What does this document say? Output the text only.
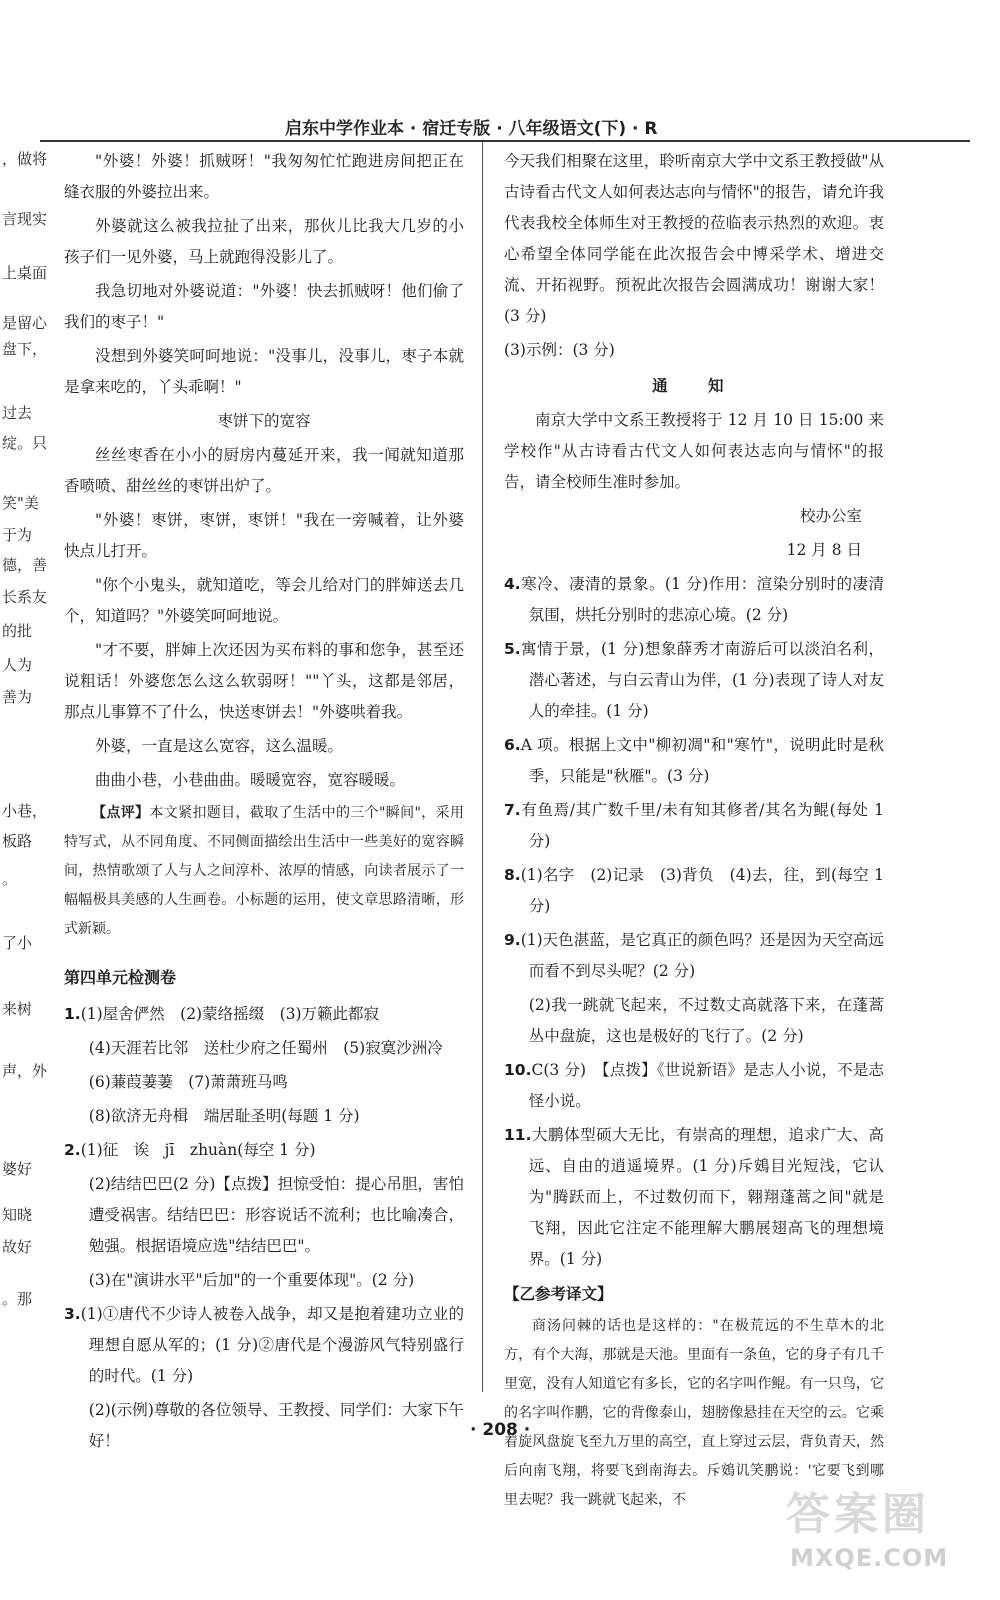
启东中学作业本 · 宿迁专版 · 八年级语文(下) · R
，做将
言现实
上桌面
是留心
盘下，
过去
绽。只
笑"美
于为
德，善
长系友
的批
人为
善为
小巷，
板路
。
了小
来树
声，外
婆好
知晓
故好
。那

"外婆！外婆！抓贼呀！"我匆匆忙忙跑进房间把正在缝衣服的外婆拉出来。

外婆就这么被我拉扯了出来，那伙儿比我大几岁的小孩子们一见外婆，马上就跑得没影儿了。

我急切地对外婆说道："外婆！快去抓贼呀！他们偷了我们的枣子！"

没想到外婆笑呵呵地说："没事儿，没事儿，枣子本就是拿来吃的，丫头乖啊！"

枣饼下的宽容

丝丝枣香在小小的厨房内蔓延开来，我一闻就知道那香喷喷、甜丝丝的枣饼出炉了。

"外婆！枣饼，枣饼，枣饼！"我在一旁喊着，让外婆快点儿打开。

"你个小鬼头，就知道吃，等会儿给对门的胖婶送去几个，知道吗？"外婆笑呵呵地说。

"才不要，胖婶上次还因为买布料的事和您争，甚至还说粗话！外婆您怎么这么软弱呀！""丫头，这都是邻居，那点儿事算不了什么，快送枣饼去！"外婆哄着我。

外婆，一直是这么宽容，这么温暖。

曲曲小巷，小巷曲曲。暖暖宽容，宽容暖暖。

【点评】本文紧扣题目，截取了生活中的三个"瞬间"，采用特写式，从不同角度、不同侧面描绘出生活中一些美好的宽容瞬间，热情歌颂了人与人之间淳朴、浓厚的情感，向读者展示了一幅幅极具美感的人生画卷。小标题的运用，使文章思路清晰，形式新颖。

第四单元检测卷

1.(1)屋舍俨然　(2)蒙络摇缀　(3)万籁此都寂

(4)天涯若比邻　送杜少府之任蜀州　(5)寂寞沙洲冷

(6)蒹葭萋萋　(7)萧萧班马鸣

(8)欲济无舟楫　端居耻圣明(每题 1 分)

2.(1)征　诶　jī　zhuàn(每空 1 分)

(2)结结巴巴(2 分)【点拨】担惊受怕：提心吊胆，害怕遭受祸害。结结巴巴：形容说话不流利；也比喻凑合，勉强。根据语境应选"结结巴巴"。

(3)在"演讲水平"后加"的一个重要体现"。(2 分)

3.(1)①唐代不少诗人被卷入战争，却又是抱着建功立业的理想自愿从军的；(1 分)②唐代是个漫游风气特别盛行的时代。(1 分)

(2)(示例)尊敬的各位领导、王教授、同学们：大家下午好！

今天我们相聚在这里，聆听南京大学中文系王教授做"从古诗看古代文人如何表达志向与情怀"的报告，请允许我代表我校全体师生对王教授的莅临表示热烈的欢迎。衷心希望全体同学能在此次报告会中博采学术、增进交流、开拓视野。预祝此次报告会圆满成功！谢谢大家！(3 分)

(3)示例：(3 分)

通　知

南京大学中文系王教授将于 12 月 10 日 15:00 来学校作"从古诗看古代文人如何表达志向与情怀"的报告，请全校师生准时参加。

校办公室

12 月 8 日

4.寒冷、凄清的景象。(1 分)作用：渲染分别时的凄清氛围，烘托分别时的悲凉心境。(2 分)

5.寓情于景，(1 分)想象薛秀才南游后可以淡泊名利，潜心著述，与白云青山为伴，(1 分)表现了诗人对友人的牵挂。(1 分)

6.A 项。根据上文中"柳初凋"和"寒竹"，说明此时是秋季，只能是"秋雁"。(3 分)

7.有鱼焉/其广数千里/未有知其修者/其名为鲲(每处 1 分)

8.(1)名字　(2)记录　(3)背负　(4)去，往，到(每空 1 分)

9.(1)天色湛蓝，是它真正的颜色吗？还是因为天空高远而看不到尽头呢？(2 分)

(2)我一跳就飞起来，不过数丈高就落下来，在蓬蒿丛中盘旋，这也是极好的飞行了。(2 分)

10.C(3 分)　【点拨】《世说新语》是志人小说，不是志怪小说。

11.大鹏体型硕大无比，有崇高的理想，追求广大、高远、自由的逍遥境界。(1 分)斥鴳目光短浅，它认为"腾跃而上，不过数仞而下，翱翔蓬蒿之间"就是飞翔，因此它注定不能理解大鹏展翅高飞的理想境界。(1 分)

【乙参考译文】

商汤问棘的话也是这样的："在极荒远的不生草木的北方，有个大海，那就是天池。里面有一条鱼，它的身子有几千里宽，没有人知道它有多长，它的名字叫作鲲。有一只鸟，它的名字叫作鹏，它的背像泰山，翅膀像悬挂在天空的云。它乘着旋风盘旋飞至九万里的高空，直上穿过云层，背负青天，然后向南飞翔，将要飞到南海去。斥鴳讥笑鹏说：'它要飞到哪里去呢？我一跳就飞起来，不

· 208 ·
答案圈
MXQE.COM
